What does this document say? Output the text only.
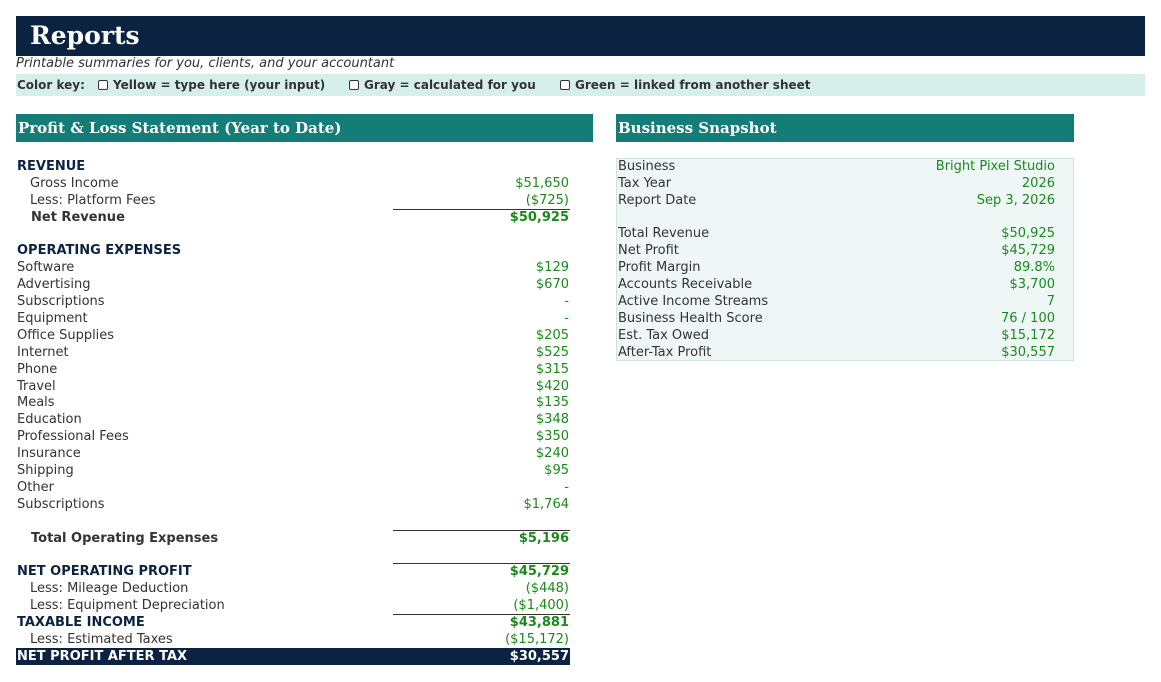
Reports
Printable summaries for you, clients, and your accountant
Color key:	Yellow = type here (your input)	Gray = calculated for you	Green = linked from another sheet
Profit & Loss Statement (Year to Date)	Business Snapshot
REVENUE
Gross Income	$51,650
Less: Platform Fees	($725)
Net Revenue	$50,925
OPERATING EXPENSES
Software	$129
Advertising	$670
Subscriptions	-
Equipment	-
Office Supplies	$205
Internet	$525
Phone	$315
Travel	$420
Meals	$135
Education	$348
Professional Fees	$350
Insurance	$240
Shipping	$95
Other	-
Subscriptions	$1,764
Total Operating Expenses	$5,196
NET OPERATING PROFIT	$45,729
Less: Mileage Deduction	($448)
Less: Equipment Depreciation	($1,400)
TAXABLE INCOME	$43,881
Less: Estimated Taxes	($15,172)
NET PROFIT AFTER TAX	$30,557
Business	Bright Pixel Studio
Tax Year	2026
Report Date	Sep 3, 2026
Total Revenue	$50,925
Net Profit	$45,729
Profit Margin	89.8%
Accounts Receivable	$3,700
Active Income Streams	7
Business Health Score	76 / 100
Est. Tax Owed	$15,172
After-Tax Profit	$30,557
